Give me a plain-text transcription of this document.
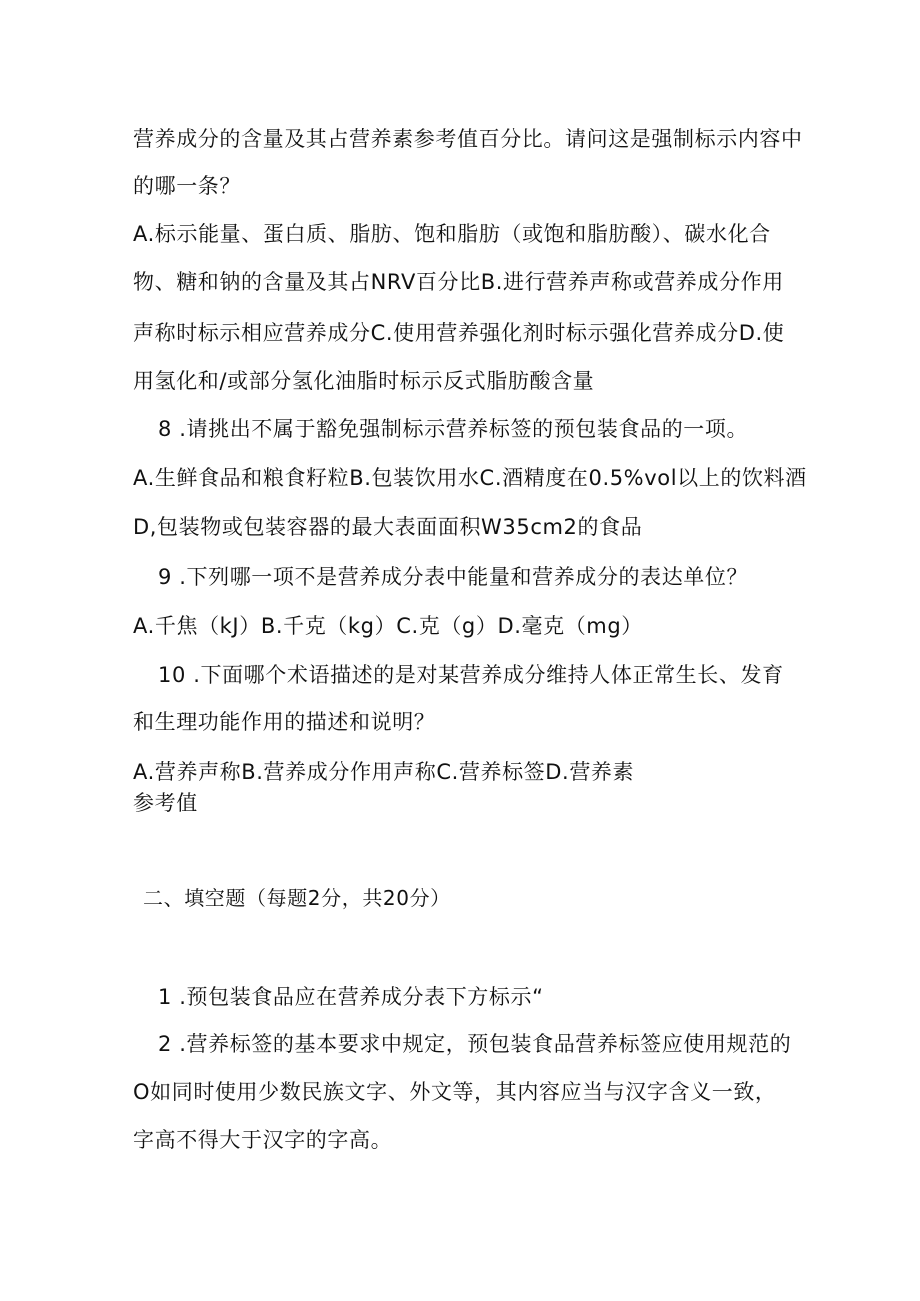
营养成分的含量及其占营养素参考值百分比。请问这是强制标示内容中
的哪一条？
A.标示能量、蛋白质、脂肪、饱和脂肪（或饱和脂肪酸）、碳水化合
物、糖和钠的含量及其占NRV百分比B.进行营养声称或营养成分作用
声称时标示相应营养成分C.使用营养强化剂时标示强化营养成分D.使
用氢化和/或部分氢化油脂时标示反式脂肪酸含量
8 .请挑出不属于豁免强制标示营养标签的预包装食品的一项。
A.生鲜食品和粮食籽粒B.包装饮用水C.酒精度在0.5%vol以上的饮料酒
D,包装物或包装容器的最大表面面积W35cm2的食品
9 .下列哪一项不是营养成分表中能量和营养成分的表达单位？
A.千焦（kJ）B.千克（kg）C.克（g）D.毫克（mg）
10 .下面哪个术语描述的是对某营养成分维持人体正常生长、发育
和生理功能作用的描述和说明？
A.营养声称B.营养成分作用声称C.营养标签D.营养素
参考值
二、填空题（每题2分，共20分）
1 .预包装食品应在营养成分表下方标示“
2 .营养标签的基本要求中规定，预包装食品营养标签应使用规范的
O如同时使用少数民族文字、外文等，其内容应当与汉字含义一致，
字高不得大于汉字的字高。
